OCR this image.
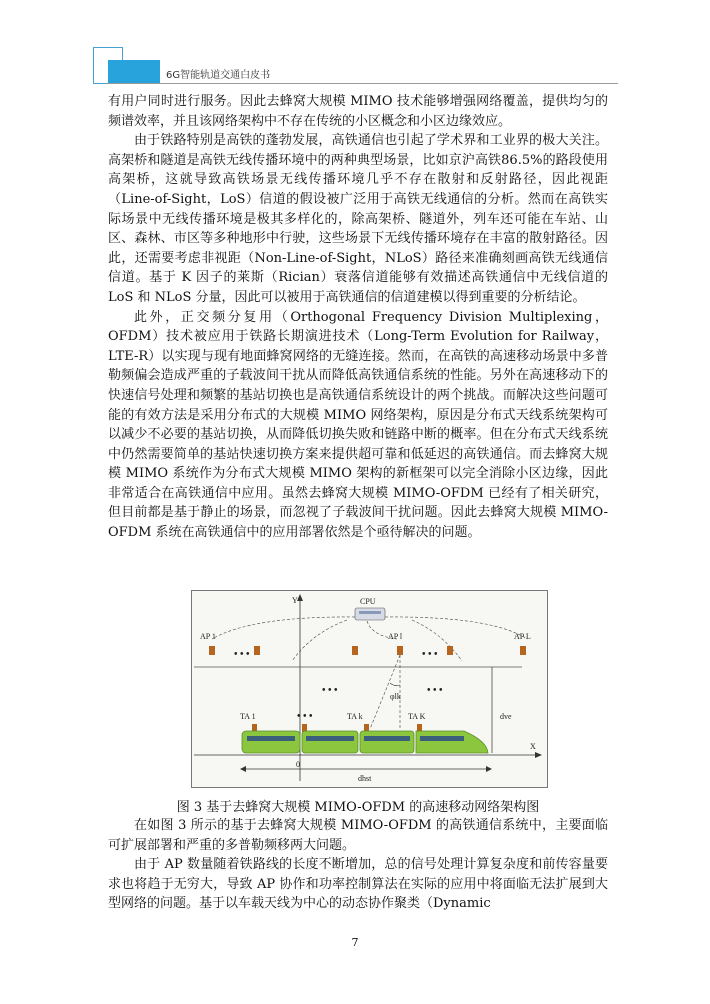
6G智能轨道交通白皮书

有用户同时进行服务。因此去蜂窝大规模 MIMO 技术能够增强网络覆盖，提供均匀的频谱效率，并且该网络架构中不存在传统的小区概念和小区边缘效应。

由于铁路特别是高铁的蓬勃发展，高铁通信也引起了学术界和工业界的极大关注。高架桥和隧道是高铁无线传播环境中的两种典型场景，比如京沪高铁86.5%的路段使用高架桥，这就导致高铁场景无线传播环境几乎不存在散射和反射路径，因此视距（Line-of-Sight，LoS）信道的假设被广泛用于高铁无线通信的分析。然而在高铁实际场景中无线传播环境是极其多样化的，除高架桥、隧道外，列车还可能在车站、山区、森林、市区等多种地形中行驶，这些场景下无线传播环境存在丰富的散射路径。因此，还需要考虑非视距（Non-Line-of-Sight，NLoS）路径来准确刻画高铁无线通信信道。基于 K 因子的莱斯（Rician）衰落信道能够有效描述高铁通信中无线信道的 LoS 和 NLoS 分量，因此可以被用于高铁通信的信道建模以得到重要的分析结论。

此外，正交频分复用（Orthogonal Frequency Division Multiplexing，OFDM）技术被应用于铁路长期演进技术（Long-Term Evolution for Railway，LTE-R）以实现与现有地面蜂窝网络的无缝连接。然而，在高铁的高速移动场景中多普勒频偏会造成严重的子载波间干扰从而降低高铁通信系统的性能。另外在高速移动下的快速信号处理和频繁的基站切换也是高铁通信系统设计的两个挑战。而解决这些问题可能的有效方法是采用分布式的大规模 MIMO 网络架构，原因是分布式天线系统架构可以减少不必要的基站切换，从而降低切换失败和链路中断的概率。但在分布式天线系统中仍然需要简单的基站快速切换方案来提供超可靠和低延迟的高铁通信。而去蜂窝大规模 MIMO 系统作为分布式大规模 MIMO 架构的新框架可以完全消除小区边缘，因此非常适合在高铁通信中应用。虽然去蜂窝大规模 MIMO-OFDM 已经有了相关研究，但目前都是基于静止的场景，而忽视了子载波间干扰问题。因此去蜂窝大规模 MIMO-OFDM 系统在高铁通信中的应用部署依然是个亟待解决的问题。

Y	CPU
AP 1	AP l	AP L
• • •	• • •
• • •	• • •
φlk
dve
TA 1	TA k	TA K
• • •
X
0
dhst
图 3 基于去蜂窝大规模 MIMO-OFDM 的高速移动网络架构图

在如图 3 所示的基于去蜂窝大规模 MIMO-OFDM 的高铁通信系统中，主要面临可扩展部署和严重的多普勒频移两大问题。

由于 AP 数量随着铁路线的长度不断增加，总的信号处理计算复杂度和前传容量要求也将趋于无穷大，导致 AP 协作和功率控制算法在实际的应用中将面临无法扩展到大型网络的问题。基于以车载天线为中心的动态协作聚类（Dynamic

7
